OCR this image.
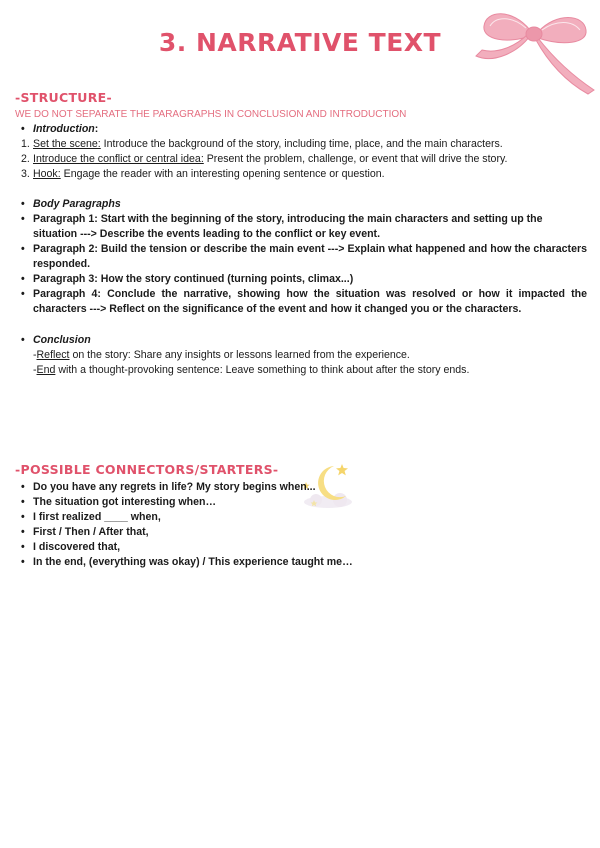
3. NARRATIVE TEXT
-STRUCTURE-
WE DO NOT SEPARATE THE PARAGRAPHS IN CONCLUSION AND INTRODUCTION
• Introduction:
1. Set the scene: Introduce the background of the story, including time, place, and the main characters.
2. Introduce the conflict or central idea: Present the problem, challenge, or event that will drive the story.
3. Hook: Engage the reader with an interesting opening sentence or question.
• Body Paragraphs
• Paragraph 1: Start with the beginning of the story, introducing the main characters and setting up the
situation ---> Describe the events leading to the conflict or key event.
• Paragraph 2: Build the tension or describe the main event ---> Explain what happened and how the characters responded.
• Paragraph 3: How the story continued (turning points, climax...)
• Paragraph 4: Conclude the narrative, showing how the situation was resolved or how it impacted the characters ---> Reflect on the significance of the event and how it changed you or the characters.
• Conclusion
-Reflect on the story: Share any insights or lessons learned from the experience.
-End with a thought-provoking sentence: Leave something to think about after the story ends.
-POSSIBLE CONNECTORS/STARTERS-
• Do you have any regrets in life? My story begins when...
• The situation got interesting when…
• I first realized ____ when,
• First / Then / After that,
• I discovered that,
• In the end, (everything was okay) / This experience taught me…
